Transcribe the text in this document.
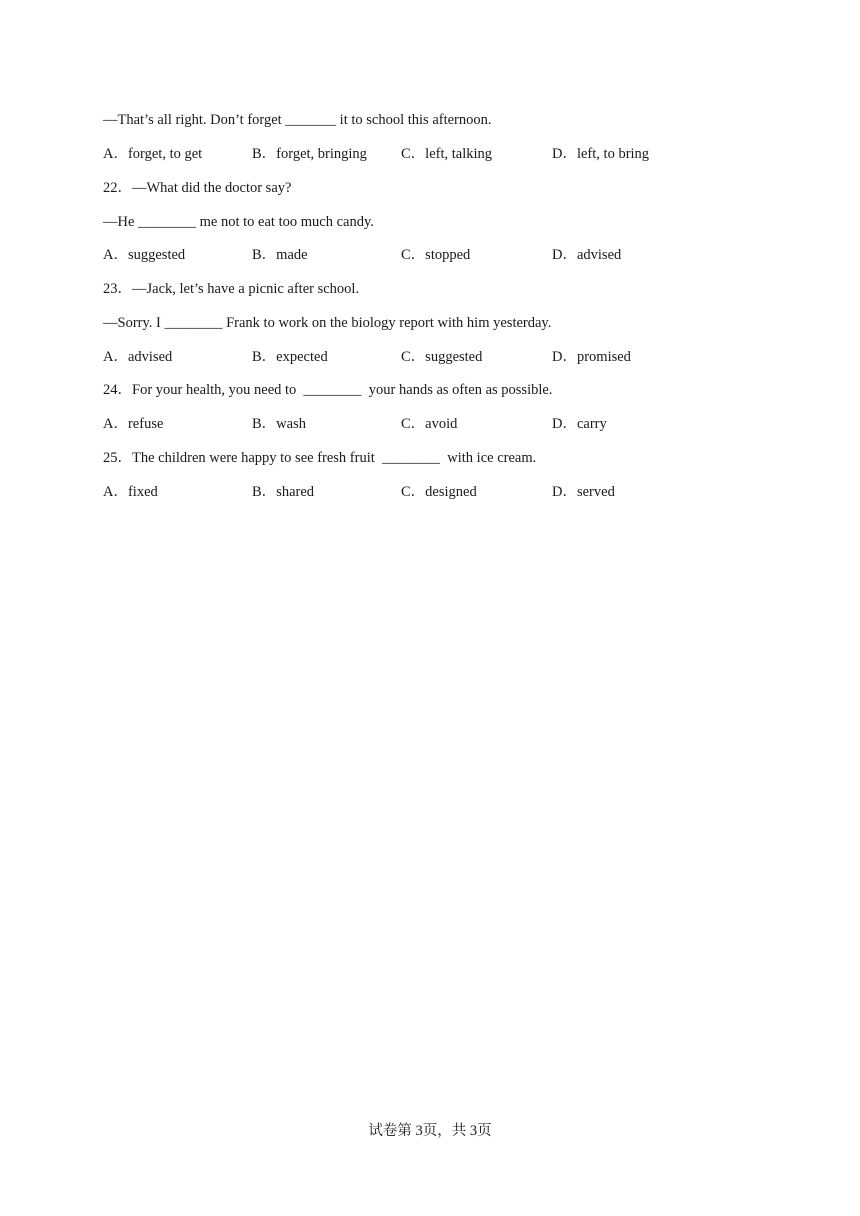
—That’s all right. Don’t forget _______ it to school this afternoon.
A．forget, to get	B．forget, bringing C．left, talking	D．left, to bring
22．—What did the doctor say?
—He ________ me not to eat too much candy.
A．suggested	B．made	C．stopped	D．advised
23．—Jack, let’s have a picnic after school.
—Sorry. I ________ Frank to work on the biology report with him yesterday.
A．advised	B．expected	C．suggested	D．promised
24．For your health, you need to  ________  your hands as often as possible.
A．refuse	B．wash	C．avoid	D．carry
25．The children were happy to see fresh fruit  ________  with ice cream.
A．fixed	B．shared	C．designed	D．served
试卷第 3页，共 3页
